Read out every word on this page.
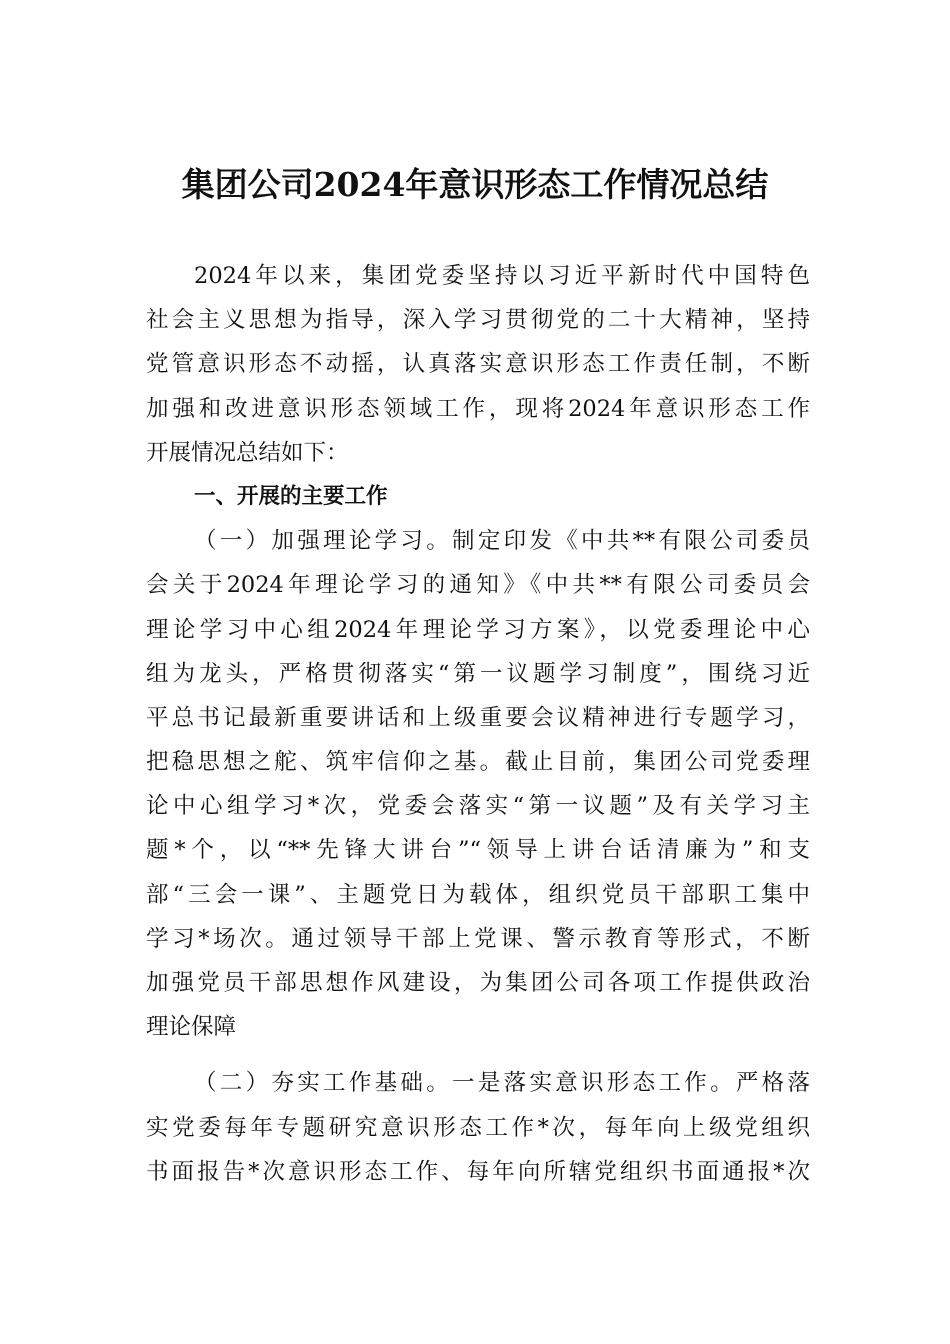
集团公司2024年意识形态工作情况总结
2024年以来，集团党委坚持以习近平新时代中国特色
社会主义思想为指导，深入学习贯彻党的二十大精神，坚持
党管意识形态不动摇，认真落实意识形态工作责任制，不断
加强和改进意识形态领域工作，现将2024年意识形态工作
开展情况总结如下：
一、开展的主要工作
（一）加强理论学习。制定印发《中共**有限公司委员
会关于2024年理论学习的通知》《中共**有限公司委员会
理论学习中心组2024年理论学习方案》，以党委理论中心
组为龙头，严格贯彻落实“第一议题学习制度”，围绕习近
平总书记最新重要讲话和上级重要会议精神进行专题学习，
把稳思想之舵、筑牢信仰之基。截止目前，集团公司党委理
论中心组学习*次，党委会落实“第一议题”及有关学习主
题*个，以“**先锋大讲台”“领导上讲台话清廉为”和支
部“三会一课”、主题党日为载体，组织党员干部职工集中
学习*场次。通过领导干部上党课、警示教育等形式，不断
加强党员干部思想作风建设，为集团公司各项工作提供政治
理论保障
（二）夯实工作基础。一是落实意识形态工作。严格落
实党委每年专题研究意识形态工作*次，每年向上级党组织
书面报告*次意识形态工作、每年向所辖党组织书面通报*次
